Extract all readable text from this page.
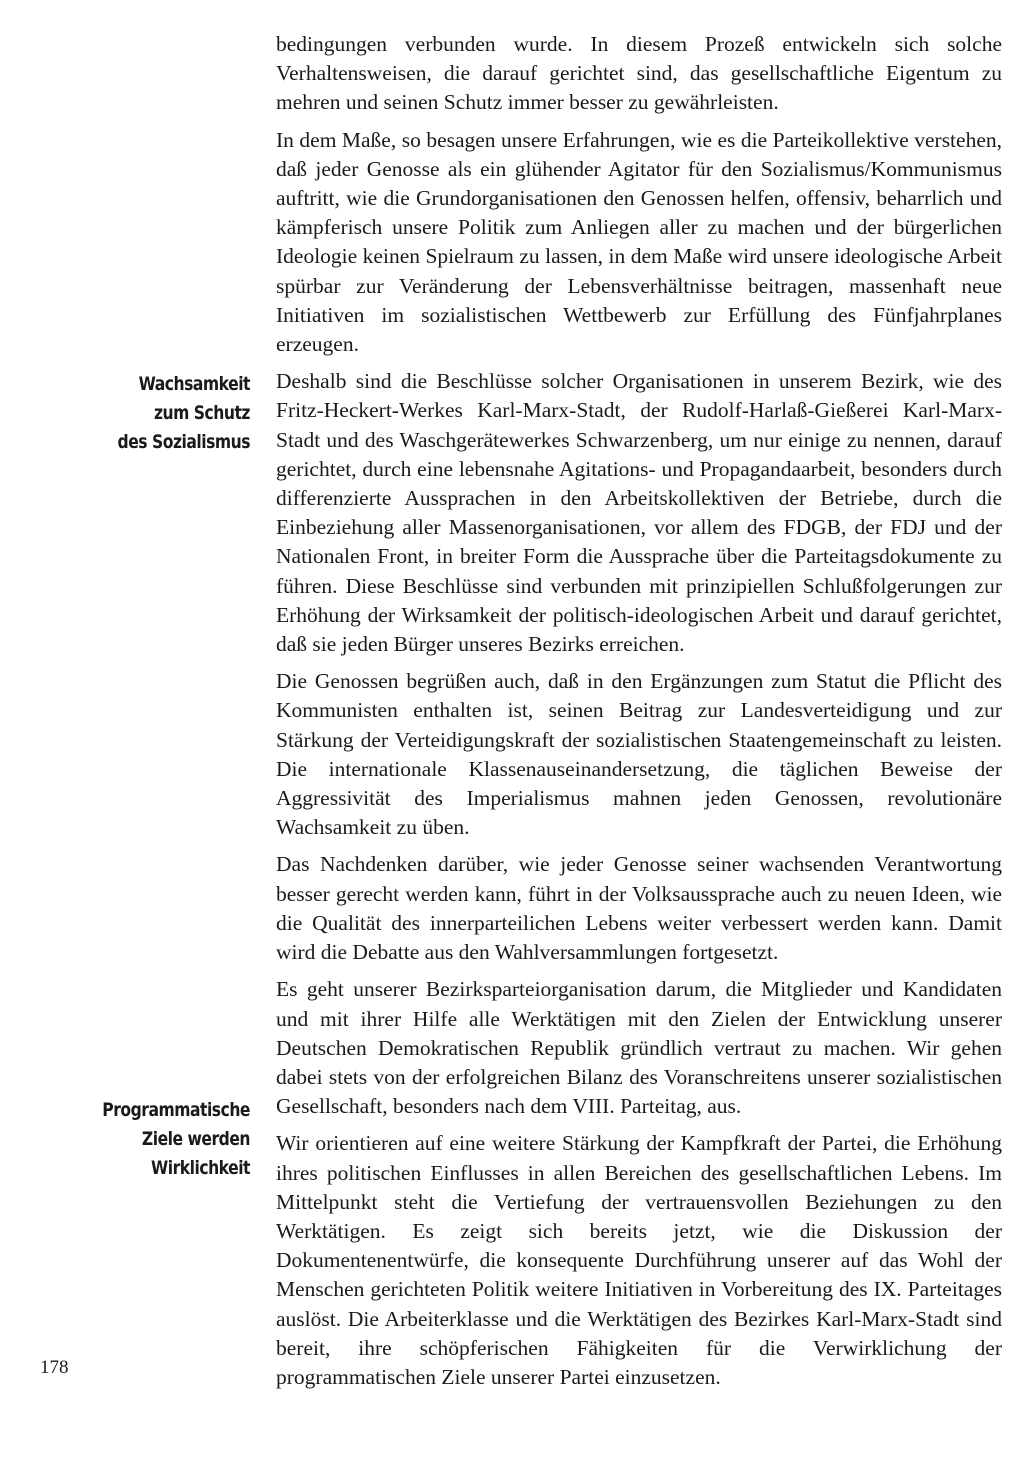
bedingungen verbunden wurde. In diesem Prozeß entwickeln sich solche Verhaltensweisen, die darauf gerichtet sind, das gesellschaftliche Eigentum zu mehren und seinen Schutz immer besser zu gewährleisten.

In dem Maße, so besagen unsere Erfahrungen, wie es die Parteikollektive verstehen, daß jeder Genosse als ein glühender Agitator für den Sozialismus/Kommunismus auftritt, wie die Grundorganisationen den Genossen helfen, offensiv, beharrlich und kämpferisch unsere Politik zum Anliegen aller zu machen und der bürgerlichen Ideologie keinen Spielraum zu lassen, in dem Maße wird unsere ideologische Arbeit spürbar zur Veränderung der Lebensverhältnisse beitragen, massenhaft neue Initiativen im sozialistischen Wettbewerb zur Erfüllung des Fünfjahrplanes erzeugen.

Deshalb sind die Beschlüsse solcher Organisationen in unserem Bezirk, wie des Fritz-Heckert-Werkes Karl-Marx-Stadt, der Rudolf-Harlaß-Gießerei Karl-Marx-Stadt und des Waschgerätewerkes Schwarzenberg, um nur einige zu nennen, darauf gerichtet, durch eine lebensnahe Agitations- und Propagandaarbeit, besonders durch differenzierte Aussprachen in den Arbeitskollektiven der Betriebe, durch die Einbeziehung aller Massenorganisationen, vor allem des FDGB, der FDJ und der Nationalen Front, in breiter Form die Aussprache über die Parteitagsdokumente zu führen. Diese Beschlüsse sind verbunden mit prinzipiellen Schlußfolgerungen zur Erhöhung der Wirksamkeit der politisch-ideologischen Arbeit und darauf gerichtet, daß sie jeden Bürger unseres Bezirks erreichen.

Die Genossen begrüßen auch, daß in den Ergänzungen zum Statut die Pflicht des Kommunisten enthalten ist, seinen Beitrag zur Landesverteidigung und zur Stärkung der Verteidigungskraft der sozialistischen Staatengemeinschaft zu leisten. Die internationale Klassenauseinandersetzung, die täglichen Beweise der Aggressivität des Imperialismus mahnen jeden Genossen, revolutionäre Wachsamkeit zu üben.

Das Nachdenken darüber, wie jeder Genosse seiner wachsenden Verantwortung besser gerecht werden kann, führt in der Volksaussprache auch zu neuen Ideen, wie die Qualität des innerparteilichen Lebens weiter verbessert werden kann. Damit wird die Debatte aus den Wahlversammlungen fortgesetzt.

Es geht unserer Bezirksparteiorganisation darum, die Mitglieder und Kandidaten und mit ihrer Hilfe alle Werktätigen mit den Zielen der Entwicklung unserer Deutschen Demokratischen Republik gründlich vertraut zu machen. Wir gehen dabei stets von der erfolgreichen Bilanz des Voranschreitens unserer sozialistischen Gesellschaft, besonders nach dem VIII. Parteitag, aus.

Wir orientieren auf eine weitere Stärkung der Kampfkraft der Partei, die Erhöhung ihres politischen Einflusses in allen Bereichen des gesellschaftlichen Lebens. Im Mittelpunkt steht die Vertiefung der vertrauensvollen Beziehungen zu den Werktätigen. Es zeigt sich bereits jetzt, wie die Diskussion der Dokumentenentwürfe, die konsequente Durchführung unserer auf das Wohl der Menschen gerichteten Politik weitere Initiativen in Vorbereitung des IX. Parteitages auslöst. Die Arbeiterklasse und die Werktätigen des Bezirkes Karl-Marx-Stadt sind bereit, ihre schöpferischen Fähigkeiten für die Verwirklichung der programmatischen Ziele unserer Partei einzusetzen.

Wachsamkeit
zum Schutz
des Sozialismus
Programmatische
Ziele werden
Wirklichkeit
178
